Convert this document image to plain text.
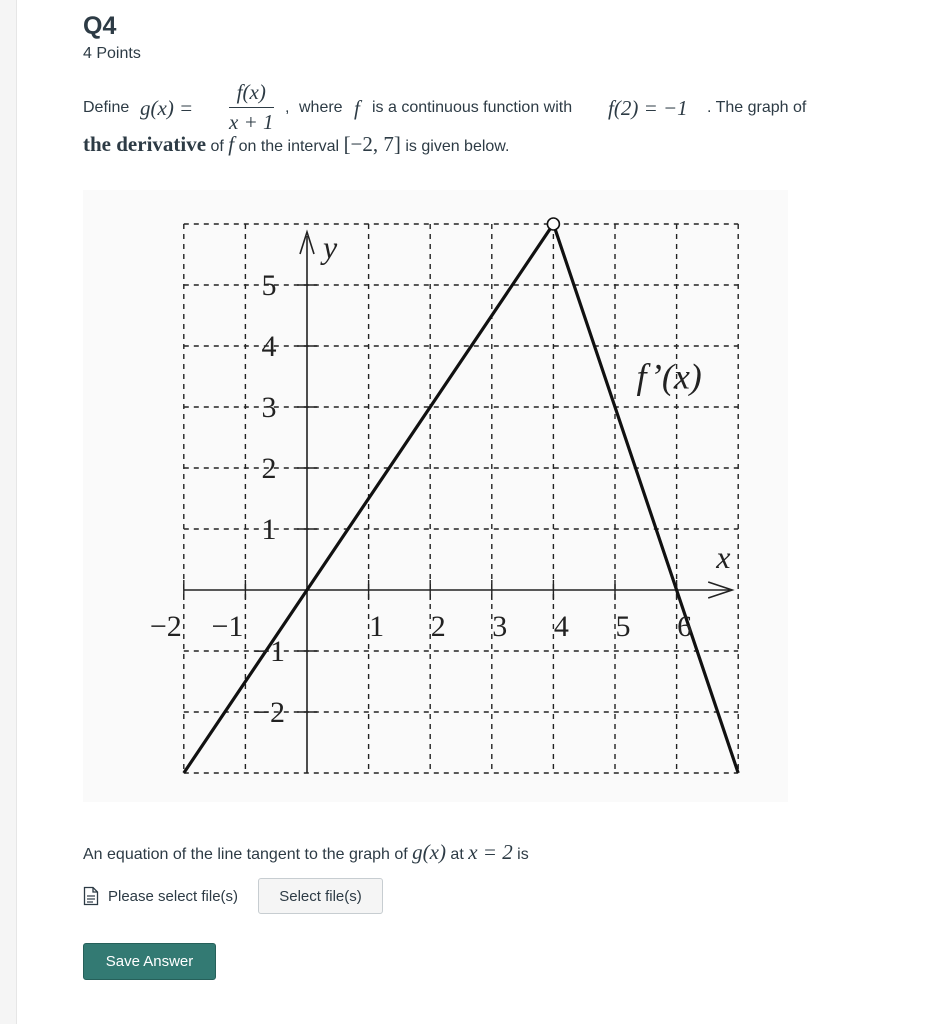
Q4
4 Points
Define $g(x) = \frac{f(x)}{x + 1}$ , where f is a continuous function with f(2) = −1 . The graph of
the derivative of f on the interval [−2, 7] is given below.
−2 −1	1 2 3 4 5 6
5
4
3
2
1
−1
−2
y
x
f’(x)
An equation of the line tangent to the graph of g(x) at x = 2 is
Please select file(s)	Select file(s)
Save Answer
